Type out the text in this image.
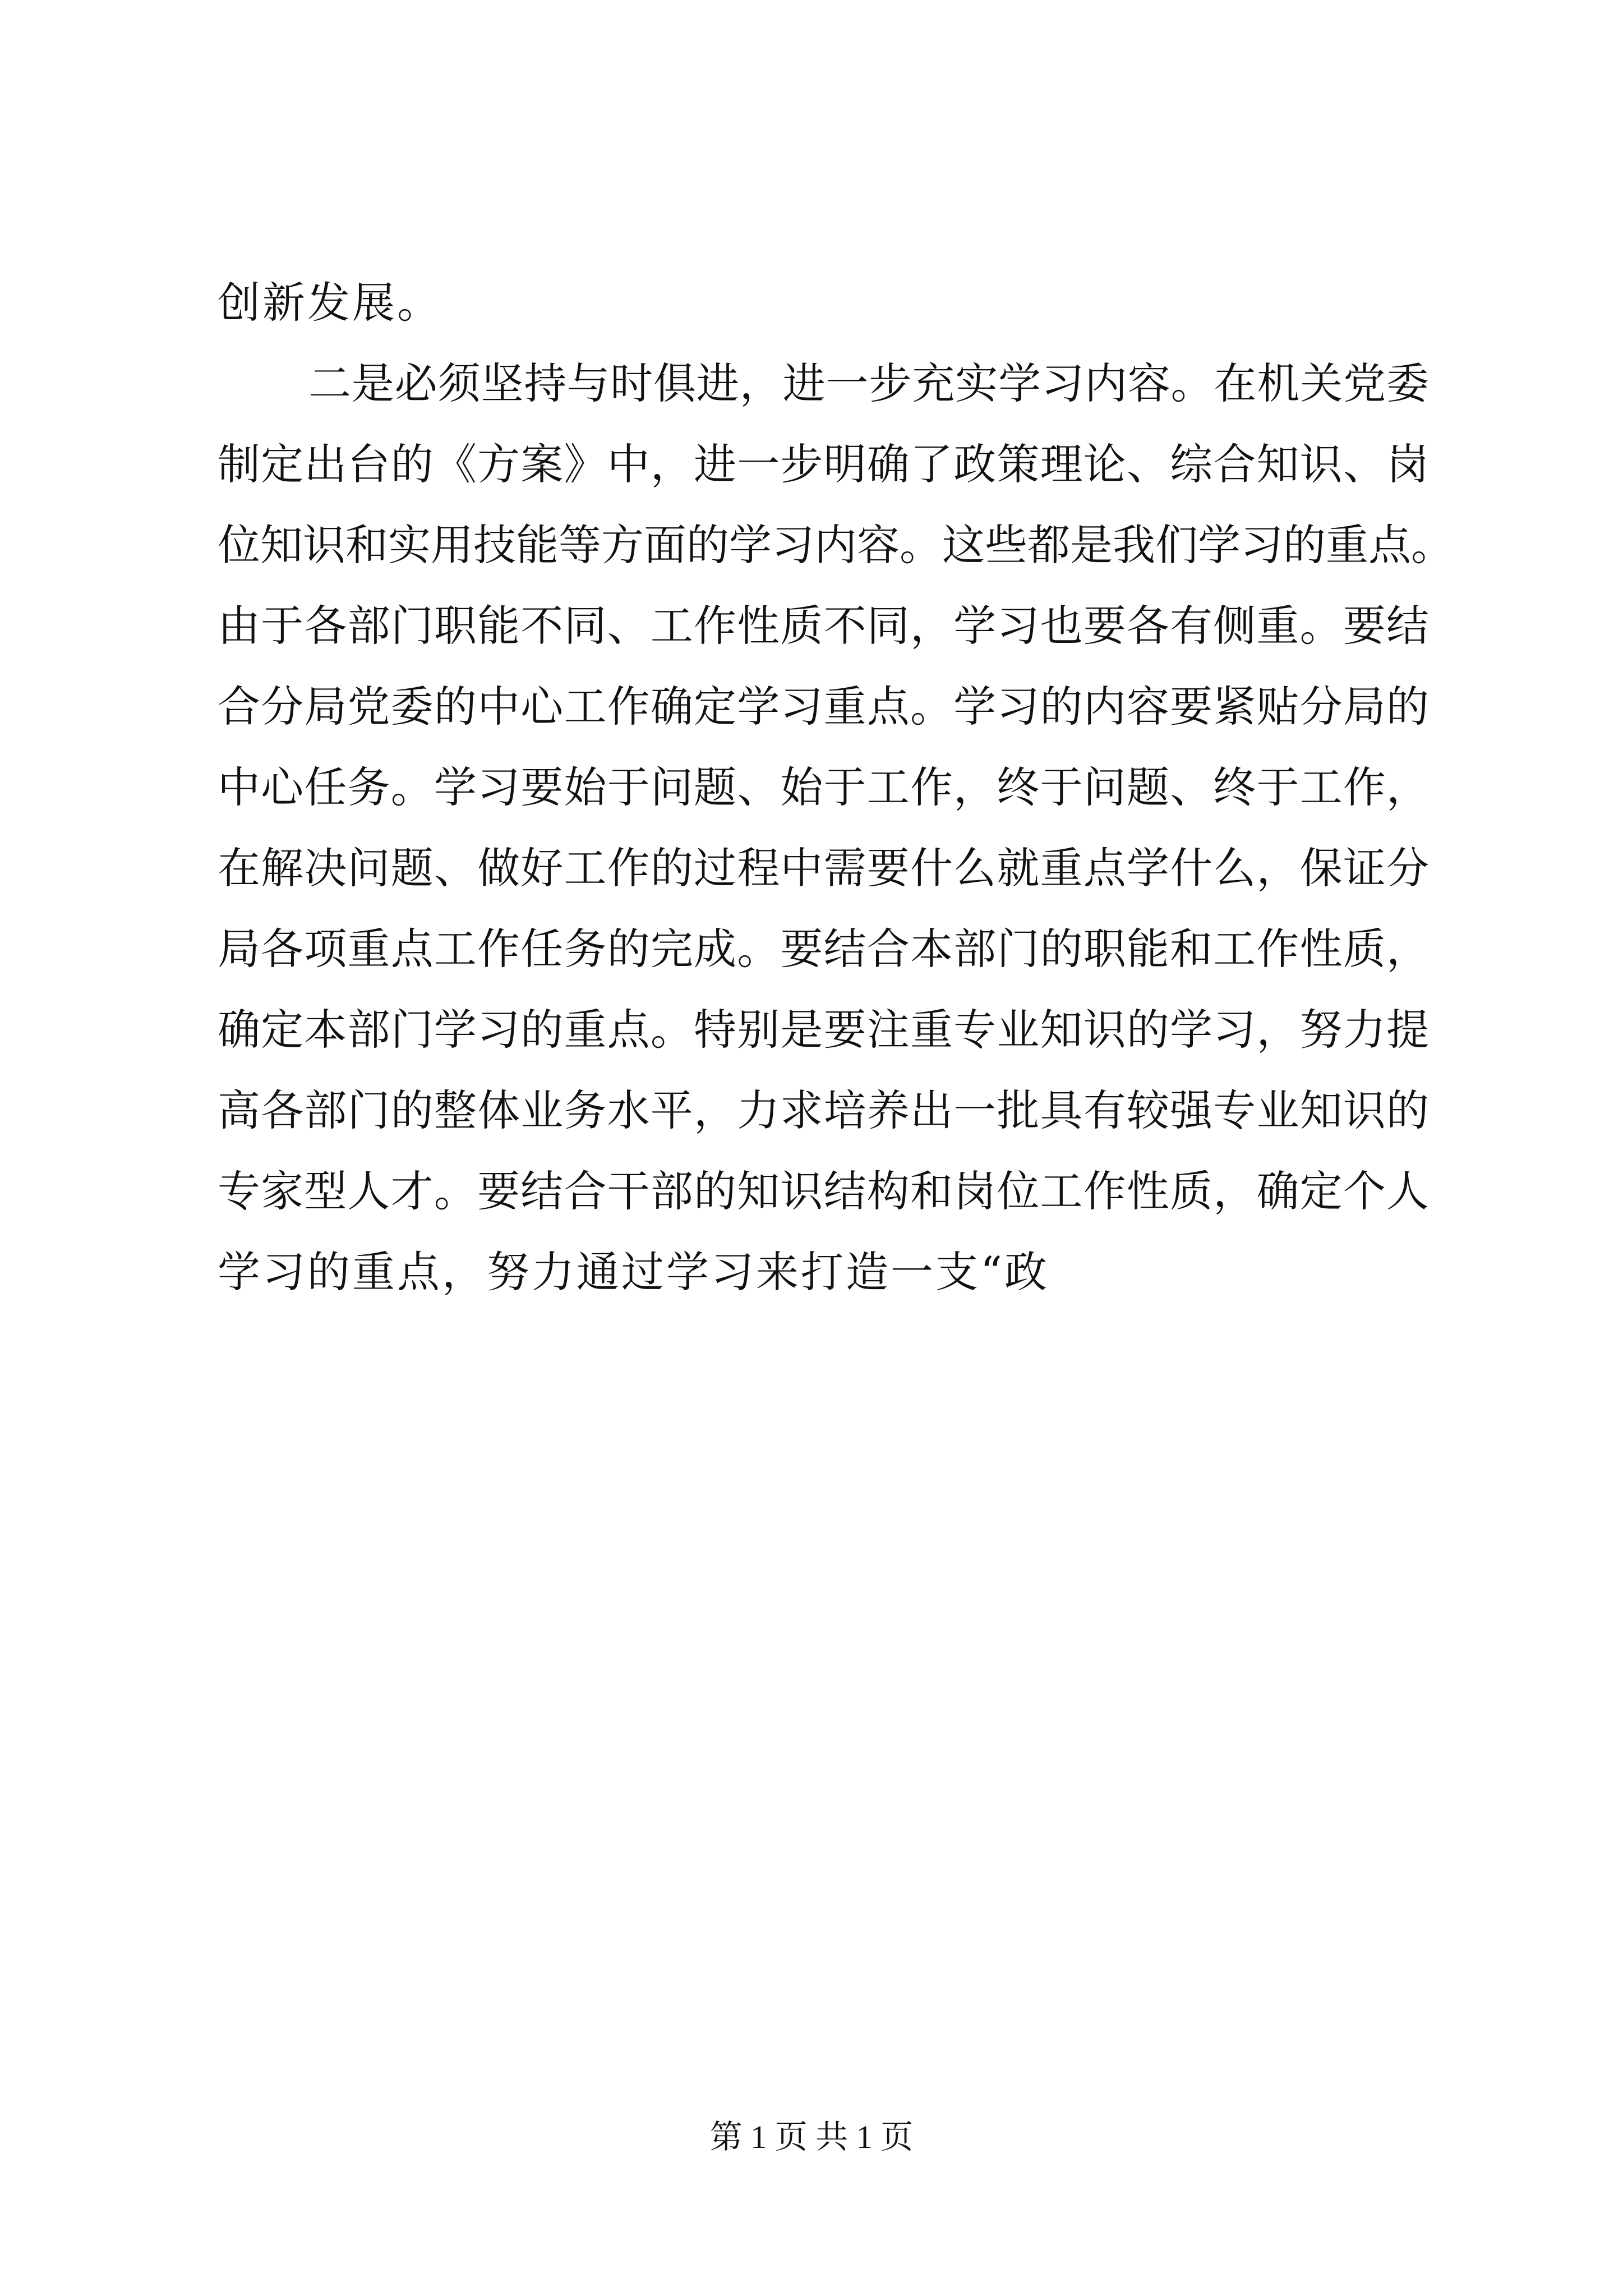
创新发展。
二是必须坚持与时俱进，进一步充实学习内容。在机关党委
制定出台的《方案》中，进一步明确了政策理论、综合知识、岗
位知识和实用技能等方面的学习内容。这些都是我们学习的重点。
由于各部门职能不同、工作性质不同，学习也要各有侧重。要结
合分局党委的中心工作确定学习重点。学习的内容要紧贴分局的
中心任务。学习要始于问题、始于工作，终于问题、终于工作，
在解决问题、做好工作的过程中需要什么就重点学什么，保证分
局各项重点工作任务的完成。要结合本部门的职能和工作性质，
确定本部门学习的重点。特别是要注重专业知识的学习，努力提
高各部门的整体业务水平，力求培养出一批具有较强专业知识的
专家型人才。要结合干部的知识结构和岗位工作性质，确定个人
学习的重点，努力通过学习来打造一支“政
第 1 页 共 1 页
